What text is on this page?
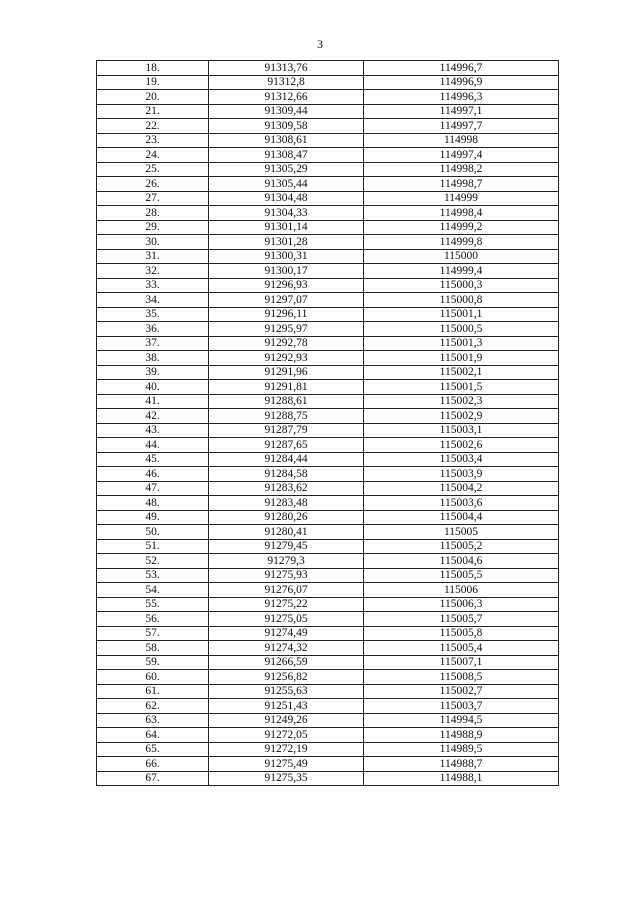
3
18.	91313,76	114996,7
19.	91312,8	114996,9
20.	91312,66	114996,3
21.	91309,44	114997,1
22.	91309,58	114997,7
23.	91308,61	114998
24.	91308,47	114997,4
25.	91305,29	114998,2
26.	91305,44	114998,7
27.	91304,48	114999
28.	91304,33	114998,4
29.	91301,14	114999,2
30.	91301,28	114999,8
31.	91300,31	115000
32.	91300,17	114999,4
33.	91296,93	115000,3
34.	91297,07	115000,8
35.	91296,11	115001,1
36.	91295,97	115000,5
37.	91292,78	115001,3
38.	91292,93	115001,9
39.	91291,96	115002,1
40.	91291,81	115001,5
41.	91288,61	115002,3
42.	91288,75	115002,9
43.	91287,79	115003,1
44.	91287,65	115002,6
45.	91284,44	115003,4
46.	91284,58	115003,9
47.	91283,62	115004,2
48.	91283,48	115003,6
49.	91280,26	115004,4
50.	91280,41	115005
51.	91279,45	115005,2
52.	91279,3	115004,6
53.	91275,93	115005,5
54.	91276,07	115006
55.	91275,22	115006,3
56.	91275,05	115005,7
57.	91274,49	115005,8
58.	91274,32	115005,4
59.	91266,59	115007,1
60.	91256,82	115008,5
61.	91255,63	115002,7
62.	91251,43	115003,7
63.	91249,26	114994,5
64.	91272,05	114988,9
65.	91272,19	114989,5
66.	91275,49	114988,7
67.	91275,35	114988,1
